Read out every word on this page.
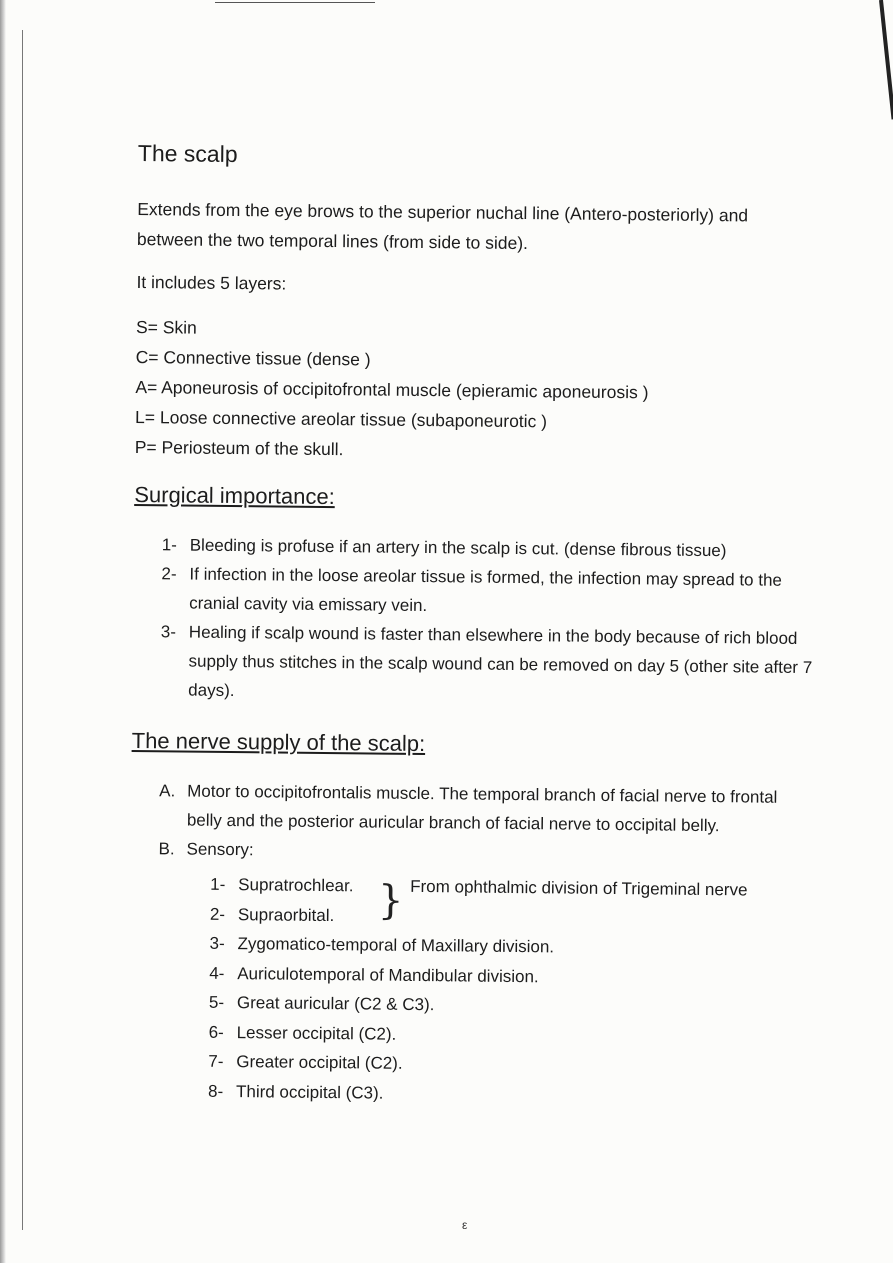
The scalp

Extends from the eye brows to the superior nuchal line (Antero-posteriorly) and between the two temporal lines (from side to side).

It includes 5 layers:

S= Skin
C= Connective tissue (dense )
A= Aponeurosis of occipitofrontal muscle (epieramic aponeurosis )
L= Loose connective areolar tissue (subaponeurotic )
P= Periosteum of the skull.
Surgical importance:
1- Bleeding is profuse if an artery in the scalp is cut. (dense fibrous tissue)
2- If infection in the loose areolar tissue is formed, the infection may spread to the cranial cavity via emissary vein.
3- Healing if scalp wound is faster than elsewhere in the body because of rich blood supply thus stitches in the scalp wound can be removed on day 5 (other site after 7 days).
The nerve supply of the scalp:
A. Motor to occipitofrontalis muscle. The temporal branch of facial nerve to frontal belly and the posterior auricular branch of facial nerve to occipital belly.
B. Sensory:
1- Supratrochlear.
2- Supraorbital. } From ophthalmic division of Trigeminal nerve
3- Zygomatico-temporal of Maxillary division.
4- Auriculotemporal of Mandibular division.
5- Great auricular (C2 & C3).
6- Lesser occipital (C2).
7- Greater occipital (C2).
8- Third occipital (C3).
ε
